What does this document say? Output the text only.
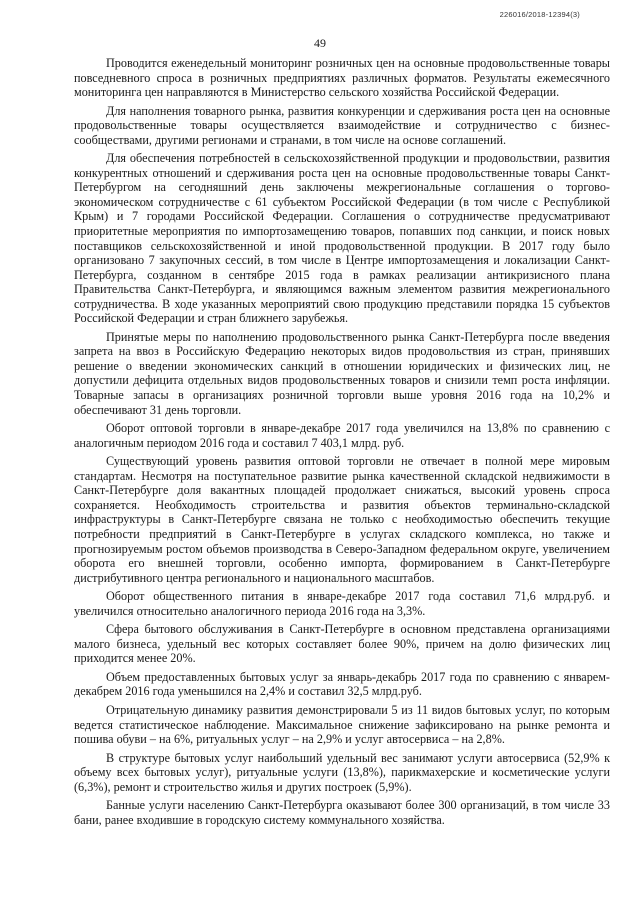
226016/2018-12394(3)
49

Проводится еженедельный мониторинг розничных цен на основные продовольственные товары повседневного спроса в розничных предприятиях различных форматов. Результаты ежемесячного мониторинга цен направляются в Министерство сельского хозяйства Российской Федерации.

Для наполнения товарного рынка, развития конкуренции и сдерживания роста цен на основные продовольственные товары осуществляется взаимодействие и сотрудничество с бизнес-сообществами, другими регионами и странами, в том числе на основе соглашений.

Для обеспечения потребностей в сельскохозяйственной продукции и продовольствии, развития конкурентных отношений и сдерживания роста цен на основные продовольственные товары Санкт-Петербургом на сегодняшний день заключены межрегиональные соглашения о торгово-экономическом сотрудничестве с 61 субъектом Российской Федерации (в том числе с Республикой Крым) и 7 городами Российской Федерации. Соглашения о сотрудничестве предусматривают приоритетные мероприятия по импортозамещению товаров, попавших под санкции, и поиск новых поставщиков сельскохозяйственной и иной продовольственной продукции. В 2017 году было организовано 7 закупочных сессий, в том числе в Центре импортозамещения и локализации Санкт-Петербурга, созданном в сентябре 2015 года в рамках реализации антикризисного плана Правительства Санкт-Петербурга, и являющимся важным элементом развития межрегионального сотрудничества. В ходе указанных мероприятий свою продукцию представили порядка 15 субъектов Российской Федерации и стран ближнего зарубежья.

Принятые меры по наполнению продовольственного рынка Санкт-Петербурга после введения запрета на ввоз в Российскую Федерацию некоторых видов продовольствия из стран, принявших решение о введении экономических санкций в отношении юридических и физических лиц, не допустили дефицита отдельных видов продовольственных товаров и снизили темп роста инфляции. Товарные запасы в организациях розничной торговли выше уровня 2016 года на 10,2% и обеспечивают 31 день торговли.

Оборот оптовой торговли в январе-декабре 2017 года увеличился на 13,8% по сравнению с аналогичным периодом 2016 года и составил 7 403,1 млрд. руб.

Существующий уровень развития оптовой торговли не отвечает в полной мере мировым стандартам. Несмотря на поступательное развитие рынка качественной складской недвижимости в Санкт-Петербурге доля вакантных площадей продолжает снижаться, высокий уровень спроса сохраняется. Необходимость строительства и развития объектов терминально-складской инфраструктуры в Санкт-Петербурге связана не только с необходимостью обеспечить текущие потребности предприятий в Санкт-Петербурге в услугах складского комплекса, но также и прогнозируемым ростом объемов производства в Северо-Западном федеральном округе, увеличением оборота его внешней торговли, особенно импорта, формированием в Санкт-Петербурге дистрибутивного центра регионального и национального масштабов.

Оборот общественного питания в январе-декабре 2017 года составил 71,6 млрд.руб. и увеличился относительно аналогичного периода 2016 года на 3,3%.

Сфера бытового обслуживания в Санкт-Петербурге в основном представлена организациями малого бизнеса, удельный вес которых составляет более 90%, причем на долю физических лиц приходится менее 20%.

Объем предоставленных бытовых услуг за январь-декабрь 2017 года по сравнению с январем-декабрем 2016 года уменьшился на 2,4% и составил 32,5 млрд.руб.

Отрицательную динамику развития демонстрировали 5 из 11 видов бытовых услуг, по которым ведется статистическое наблюдение. Максимальное снижение зафиксировано на рынке ремонта и пошива обуви – на 6%, ритуальных услуг – на 2,9% и услуг автосервиса – на 2,8%.

В структуре бытовых услуг наибольший удельный вес занимают услуги автосервиса (52,9% к объему всех бытовых услуг), ритуальные услуги (13,8%), парикмахерские и косметические услуги (6,3%), ремонт и строительство жилья и других построек (5,9%).

Банные услуги населению Санкт-Петербурга оказывают более 300 организаций, в том числе 33 бани, ранее входившие в городскую систему коммунального хозяйства.
